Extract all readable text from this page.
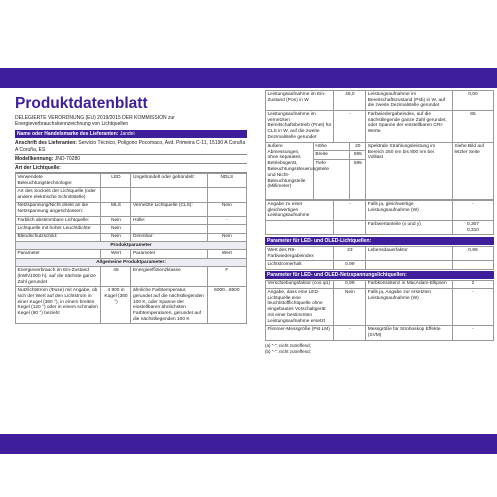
Produktdatenblatt
DELEGIERTE VERORDNUNG (EU) 2019/2015 DER KOMMISSION zur Energieverbrauchskennzeichnung von Lichtquellen
Name oder Handelsmarke des Lieferanten: Jandei
Anschrift des Lieferanten: Servicio Técnico, Poligono Pocomaco, Avd. Primeira C-11, 15190 A Coruña A Coruña, ES
Modellkennung: JND-70280
Art der Lichtquelle:
Verwendete Beleuchtungstechnologie:	LED	Ungebündelt oder gebündelt:	NDLS
Art des Sockels der Lichtquelle (oder andere elektrische Schnittstelle)			
Netzspannung/Nicht direkt an die Netzspannung angeschlossen:	MLS	Vernetzte Lichtquelle (CLS):	Nein
Farblich abstimmbare Lichtquelle:	Nein	Hülle:	-
Lichtquelle mit hoher Leuchtdichte:	Nein		
Blendschutzschild:	Nein	Dimmbar:	Nein
Produktparameter			
Parameter	Wert	Parameter	Wert
Allgemeine Produktparameter:			
Energieverbrauch im Ein-Zustand (kWh/1000 h), auf die nächste ganze Zahl gerundet	48	Energieeffizienzklasse	F
Nutzlichtstrom (Φuse) mit Angabe, ob sich der Wert auf den Lichtstrom in einer Kugel (360 °), in einem breiten Kegel (120 °) oder in einem schmalen Kegel (90 °) bezieht	4 800 in Kugel (360 °)	ähnliche Farbtemperatur, gerundet auf die nächstliegenden 100 K, oder Spanne der einstellbaren ähnlichsten Farbtemperaturen, gerundet auf die nächstliegenden 100 K	6000...6500
Leistungsaufnahme im Ein-Zustand (Pon) in W	48,0	Leistungsaufnahme im Bereitschaftszustand (Psb) in W, auf die zweite Dezimalstelle gerundet	0,00
Leistungsaufnahme im vernetzten Bereitschaftsbetrieb (Pnet) für CLS in W, auf die zweite Dezimalstelle gerundet	-	Farbwiedergabeindex, auf die nächstliegende ganze Zahl gerundet, oder Spanne der einstellbaren CRI-Werte	85
äußere Abmessungen, ohne separates Betriebsgerät, Beleuchtungssteuerungsteile und Nicht-Beleuchtungsteile (Millimeter)	Höhe	20	Spektrale Strahlungsleistung im Bereich 250 nm bis 800 nm bei Volllast	Siehe Bild auf letzter Seite
	Breite	595		
	Tiefe	595		
Angabe zu einer gleichwertigen Leistungsaufnahme	-	Falls ja, gleichwertige Leistungsaufnahme (W)	-
		Farbwertanteile (x und y)	0,307
0,310
Parameter für LED- und OLED-Lichtquellen:
Wert des R9-Farbwiedergabeindex	23	Lebensdauerfaktor	0,98
Lichtstromerhalt	0,99		
Parameter für LED- und OLED-Netzspannungslichtquellen:
Verschiebungsfaktor (cos φ1)	0,99	Farbkonsistenz in MacAdam-Ellipsen	2
Angabe, dass eine LED-Lichtquelle eine leuchtstofflichtquelle ohne eingebautes Vorschaltgerät mit einer bestimmten Leistungsaufnahme ersetzt	Nein	Falls ja, Angabe zur ersetzten Leistungsaufnahme (W)	-
Flimmer-Messgröße (Pst LM)	-	Messgröße für Stroboskop Effekte (SVM)	-
(a) "-": nicht zutreffend;
(b) "-": nicht zutreffend;
